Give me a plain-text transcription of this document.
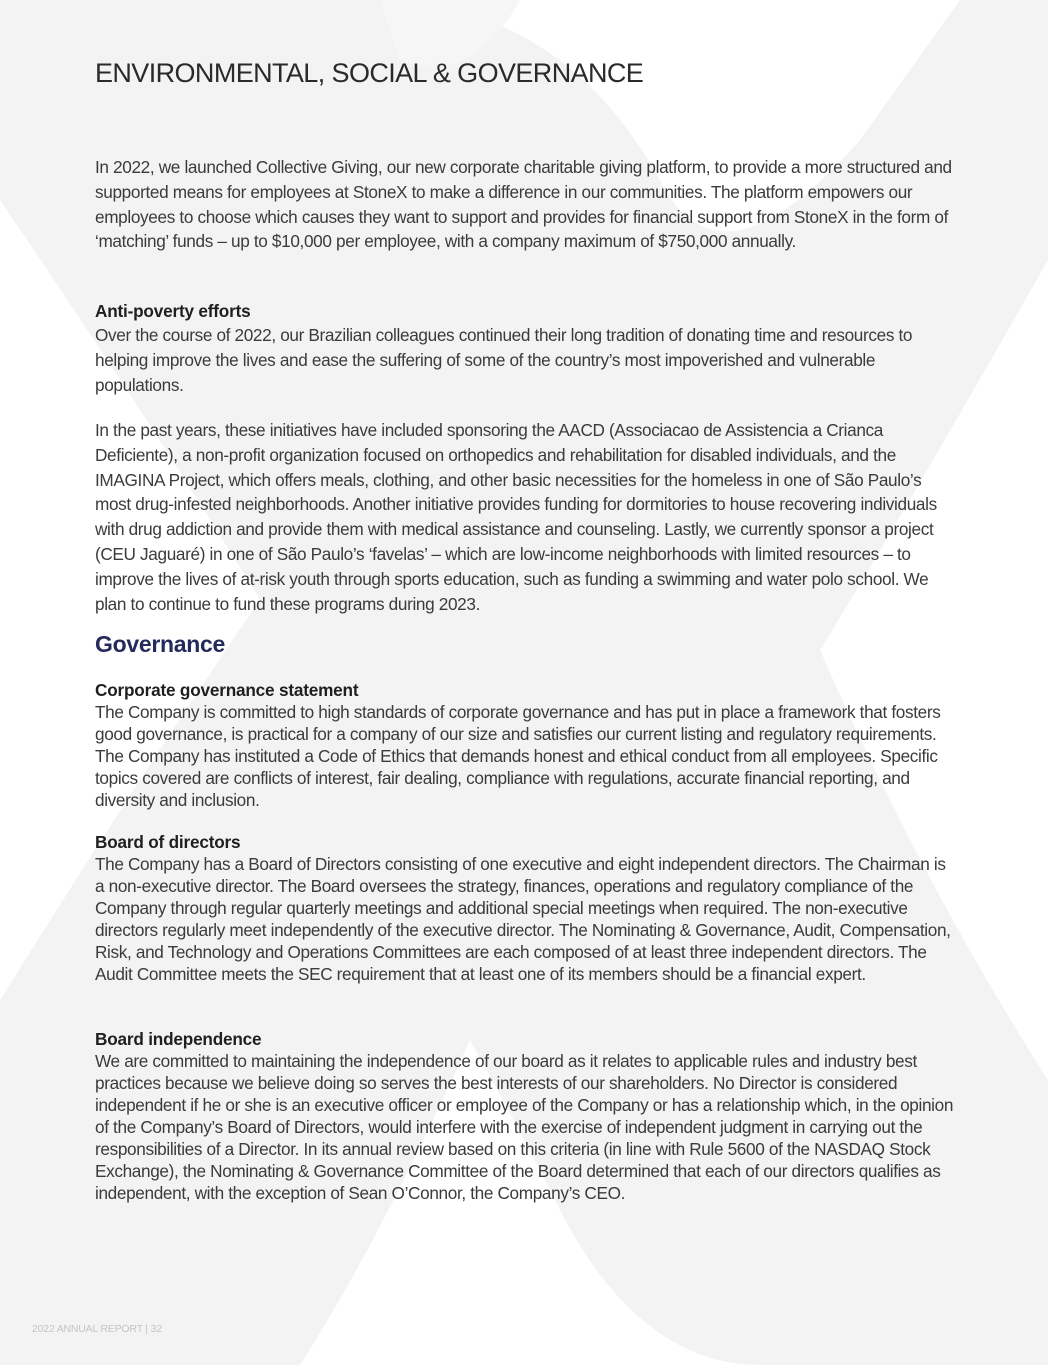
ENVIRONMENTAL, SOCIAL & GOVERNANCE

In 2022, we launched Collective Giving, our new corporate charitable giving platform, to provide a more structured and supported means for employees at StoneX to make a difference in our communities. The platform empowers our employees to choose which causes they want to support and provides for financial support from StoneX in the form of ‘matching’ funds – up to $10,000 per employee, with a company maximum of $750,000 annually.

Anti-poverty efforts

Over the course of 2022, our Brazilian colleagues continued their long tradition of donating time and resources to helping improve the lives and ease the suffering of some of the country’s most impoverished and vulnerable populations.

In the past years, these initiatives have included sponsoring the AACD (Associacao de Assistencia a Crianca Deficiente), a non-profit organization focused on orthopedics and rehabilitation for disabled individuals, and the IMAGINA Project, which offers meals, clothing, and other basic necessities for the homeless in one of São Paulo’s most drug-infested neighborhoods. Another initiative provides funding for dormitories to house recovering individuals with drug addiction and provide them with medical assistance and counseling. Lastly, we currently sponsor a project (CEU Jaguaré) in one of São Paulo’s ‘favelas’ – which are low-income neighborhoods with limited resources – to improve the lives of at-risk youth through sports education, such as funding a swimming and water polo school. We plan to continue to fund these programs during 2023.

Governance
Corporate governance statement

The Company is committed to high standards of corporate governance and has put in place a framework that fosters good governance, is practical for a company of our size and satisfies our current listing and regulatory requirements. The Company has instituted a Code of Ethics that demands honest and ethical conduct from all employees. Specific topics covered are conflicts of interest, fair dealing, compliance with regulations, accurate financial reporting, and diversity and inclusion.

Board of directors

The Company has a Board of Directors consisting of one executive and eight independent directors. The Chairman is a non-executive director. The Board oversees the strategy, finances, operations and regulatory compliance of the Company through regular quarterly meetings and additional special meetings when required. The non-executive directors regularly meet independently of the executive director. The Nominating & Governance, Audit, Compensation, Risk, and Technology and Operations Committees are each composed of at least three independent directors. The Audit Committee meets the SEC requirement that at least one of its members should be a financial expert.

Board independence

We are committed to maintaining the independence of our board as it relates to applicable rules and industry best practices because we believe doing so serves the best interests of our shareholders. No Director is considered independent if he or she is an executive officer or employee of the Company or has a relationship which, in the opinion of the Company’s Board of Directors, would interfere with the exercise of independent judgment in carrying out the responsibilities of a Director. In its annual review based on this criteria (in line with Rule 5600 of the NASDAQ Stock Exchange), the Nominating & Governance Committee of the Board determined that each of our directors qualifies as independent, with the exception of Sean O’Connor, the Company’s CEO.

2022 ANNUAL REPORT | 32
